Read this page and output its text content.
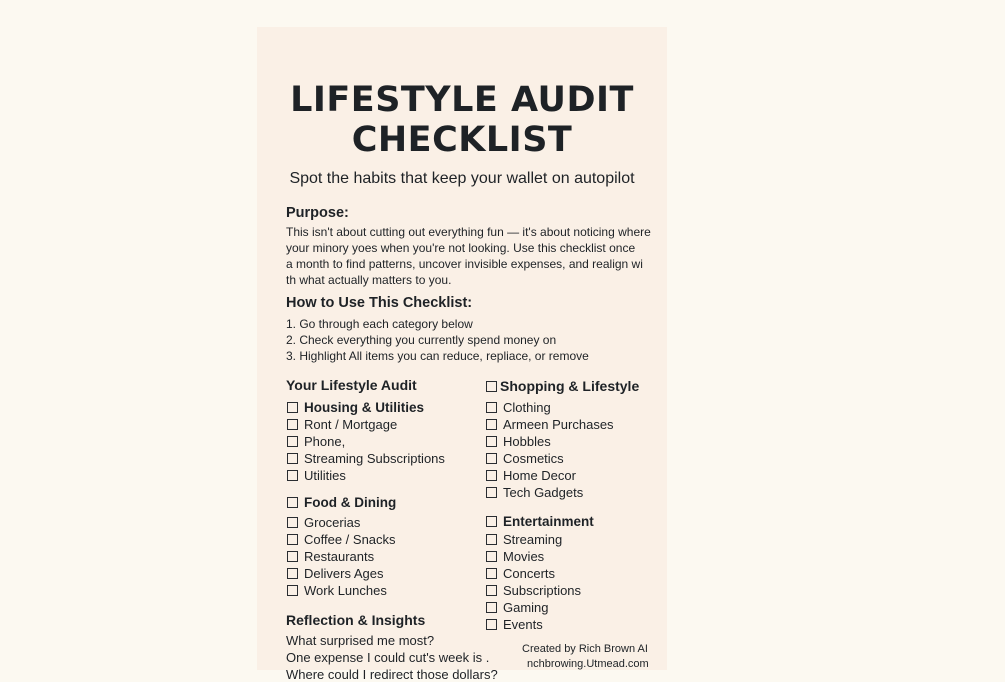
LIFESTYLE AUDIT
CHECKLIST
Spot the habits that keep your wallet on autopilot
Purpose:
This isn't about cutting out everything fun — it's about noticing where
your minory yoes when you're not looking. Use this checklist once
a month to find patterns, uncover invisible expenses, and realign wi
th what actually matters to you.
How to Use This Checklist:
1. Go through each category below
2. Check everything you currently spend money on
3. Highlight All items you can reduce, repliace, or remove
Your Lifestyle Audit
Housing & Utilities
Ront / Mortgage
Phone,
Streaming Subscriptions
Utilities
Food & Dining
Grocerias
Coffee / Snacks
Restaurants
Delivers Ages
Work Lunches
Shopping & Lifestyle
Clothing
Armeen Purchases
Hobbles
Cosmetics
Home Decor
Tech Gadgets
Entertainment
Streaming
Movies
Concerts
Subscriptions
Gaming
Events
Reflection & Insights
What surprised me most?
One expense I could cut's week is .
Where could I redirect those dollars?
Created by Rich Brown AI
nchbrowing.Utmead.com
